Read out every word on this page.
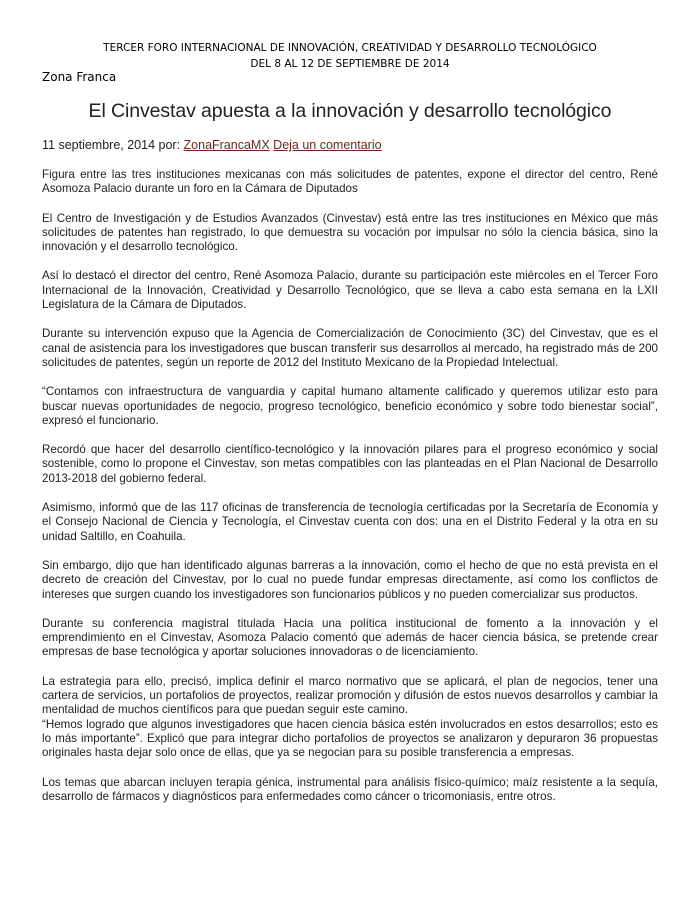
TERCER FORO INTERNACIONAL DE INNOVACIÓN, CREATIVIDAD Y DESARROLLO TECNOLÓGICO
DEL 8 AL 12 DE SEPTIEMBRE DE 2014
Zona Franca
El Cinvestav apuesta a la innovación y desarrollo tecnológico
11 septiembre, 2014 por: ZonaFrancaMX Deja un comentario

Figura entre las tres instituciones mexicanas con más solicitudes de patentes, expone el director del centro, René Asomoza Palacio durante un foro en la Cámara de Diputados

El Centro de Investigación y de Estudios Avanzados (Cinvestav) está entre las tres instituciones en México que más solicitudes de patentes han registrado, lo que demuestra su vocación por impulsar no sólo la ciencia básica, sino la innovación y el desarrollo tecnológico.

Así lo destacó el director del centro, René Asomoza Palacio, durante su participación este miércoles en el Tercer Foro Internacional de la Innovación, Creatividad y Desarrollo Tecnológico, que se lleva a cabo esta semana en la LXII Legislatura de la Cámara de Diputados.

Durante su intervención expuso que la Agencia de Comercialización de Conocimiento (3C) del Cinvestav, que es el canal de asistencia para los investigadores que buscan transferir sus desarrollos al mercado, ha registrado más de 200 solicitudes de patentes, según un reporte de 2012 del Instituto Mexicano de la Propiedad Intelectual.

“Contamos con infraestructura de vanguardia y capital humano altamente calificado y queremos utilizar esto para buscar nuevas oportunidades de negocio, progreso tecnológico, beneficio económico y sobre todo bienestar social”, expresó el funcionario.

Recordó que hacer del desarrollo científico-tecnológico y la innovación pilares para el progreso económico y social sostenible, como lo propone el Cinvestav, son metas compatibles con las planteadas en el Plan Nacional de Desarrollo 2013-2018 del gobierno federal.

Asimismo, informó que de las 117 oficinas de transferencia de tecnología certificadas por la Secretaría de Economía y el Consejo Nacional de Ciencia y Tecnología, el Cinvestav cuenta con dos: una en el Distrito Federal y la otra en su unidad Saltillo, en Coahuila.

Sin embargo, dijo que han identificado algunas barreras a la innovación, como el hecho de que no está prevista en el decreto de creación del Cinvestav, por lo cual no puede fundar empresas directamente, así como los conflictos de intereses que surgen cuando los investigadores son funcionarios públicos y no pueden comercializar sus productos.

Durante su conferencia magistral titulada Hacia una política institucional de fomento a la innovación y el emprendimiento en el Cinvestav, Asomoza Palacio comentó que además de hacer ciencia básica, se pretende crear empresas de base tecnológica y aportar soluciones innovadoras o de licenciamiento.

La estrategia para ello, precisó, implica definir el marco normativo que se aplicará, el plan de negocios, tener una cartera de servicios, un portafolios de proyectos, realizar promoción y difusión de estos nuevos desarrollos y cambiar la mentalidad de muchos científicos para que puedan seguir este camino.

“Hemos logrado que algunos investigadores que hacen ciencia básica estén involucrados en estos desarrollos; esto es lo más importante”. Explicó que para integrar dicho portafolios de proyectos se analizaron y depuraron 36 propuestas originales hasta dejar solo once de ellas, que ya se negocian para su posible transferencia a empresas.

Los temas que abarcan incluyen terapia génica, instrumental para análisis físico-químico; maíz resistente a la sequía, desarrollo de fármacos y diagnósticos para enfermedades como cáncer o tricomoniasis, entre otros.
